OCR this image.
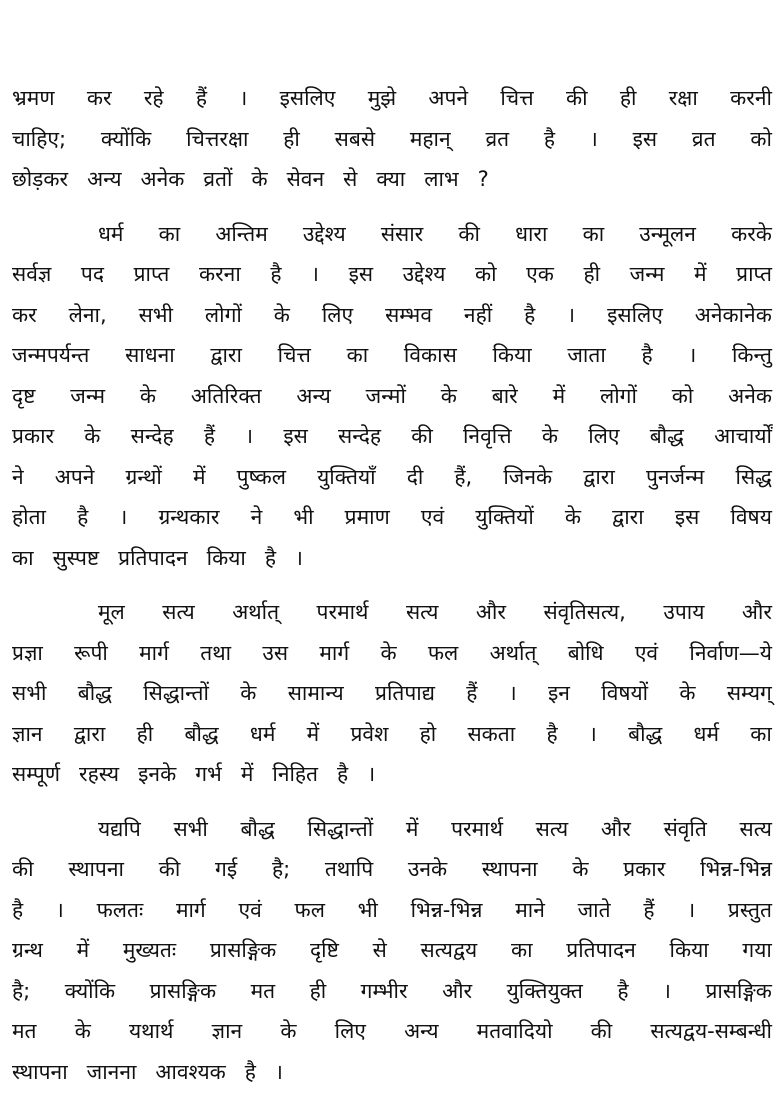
भ्रमण कर रहे हैं । इसलिए मुझे अपने चित्त की ही रक्षा करनी
चाहिए; क्योंकि चित्तरक्षा ही सबसे महान् व्रत है । इस व्रत को
छोड़कर अन्य अनेक व्रतों के सेवन से क्या लाभ ?
धर्म का अन्तिम उद्देश्य संसार की धारा का उन्मूलन करके
सर्वज्ञ पद प्राप्त करना है । इस उद्देश्य को एक ही जन्म में प्राप्त
कर लेना, सभी लोगों के लिए सम्भव नहीं है । इसलिए अनेकानेक
जन्मपर्यन्त साधना द्वारा चित्त का विकास किया जाता है । किन्तु
दृष्ट जन्म के अतिरिक्त अन्य जन्मों के बारे में लोगों को अनेक
प्रकार के सन्देह हैं । इस सन्देह की निवृत्ति के लिए बौद्ध आचार्यों
ने अपने ग्रन्थों में पुष्कल युक्तियाँ दी हैं, जिनके द्वारा पुनर्जन्म सिद्ध
होता है । ग्रन्थकार ने भी प्रमाण एवं युक्तियों के द्वारा इस विषय
का सुस्पष्ट प्रतिपादन किया है ।
मूल सत्य अर्थात् परमार्थ सत्य और संवृतिसत्य, उपाय और
प्रज्ञा रूपी मार्ग तथा उस मार्ग के फल अर्थात् बोधि एवं निर्वाण—ये
सभी बौद्ध सिद्धान्तों के सामान्य प्रतिपाद्य हैं । इन विषयों के सम्यग्
ज्ञान द्वारा ही बौद्ध धर्म में प्रवेश हो सकता है । बौद्ध धर्म का
सम्पूर्ण रहस्य इनके गर्भ में निहित है ।
यद्यपि सभी बौद्ध सिद्धान्तों में परमार्थ सत्य और संवृति सत्य
की स्थापना की गई है; तथापि उनके स्थापना के प्रकार भिन्न-भिन्न
है । फलतः मार्ग एवं फल भी भिन्न-भिन्न माने जाते हैं । प्रस्तुत
ग्रन्थ में मुख्यतः प्रासङ्गिक दृष्टि से सत्यद्वय का प्रतिपादन किया गया
है; क्योंकि प्रासङ्गिक मत ही गम्भीर और युक्तियुक्त है । प्रासङ्गिक
मत के यथार्थ ज्ञान के लिए अन्य मतवादियो की सत्यद्वय-सम्बन्धी
स्थापना जानना आवश्यक है ।
